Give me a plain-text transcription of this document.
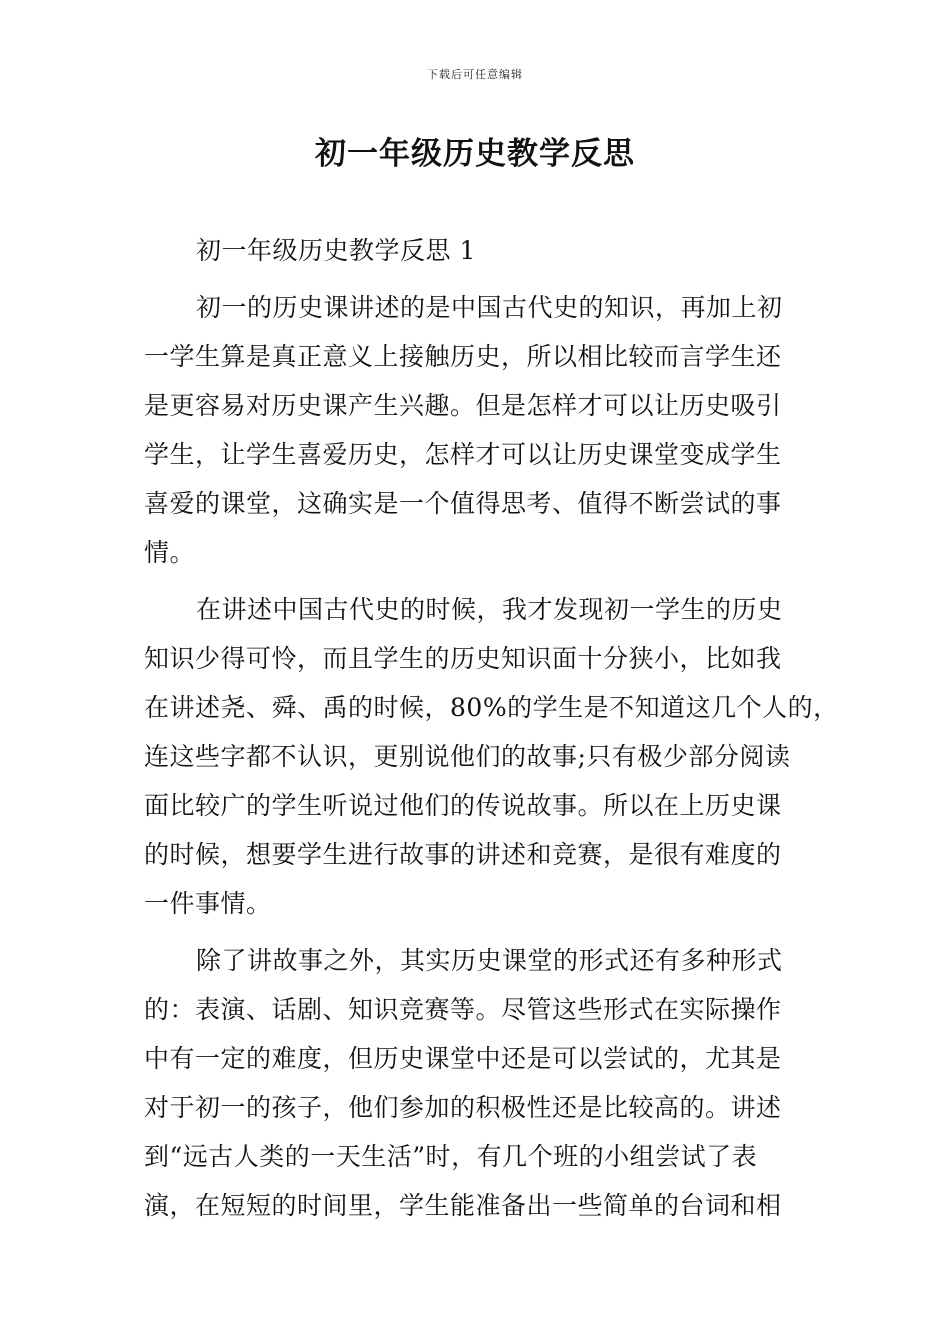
下载后可任意编辑
初一年级历史教学反思
初一年级历史教学反思 1
初一的历史课讲述的是中国古代史的知识，再加上初
一学生算是真正意义上接触历史，所以相比较而言学生还
是更容易对历史课产生兴趣。但是怎样才可以让历史吸引
学生，让学生喜爱历史，怎样才可以让历史课堂变成学生
喜爱的课堂，这确实是一个值得思考、值得不断尝试的事
情。
在讲述中国古代史的时候，我才发现初一学生的历史
知识少得可怜，而且学生的历史知识面十分狭小，比如我
在讲述尧、舜、禹的时候，80%的学生是不知道这几个人的，
连这些字都不认识，更别说他们的故事;只有极少部分阅读
面比较广的学生听说过他们的传说故事。所以在上历史课
的时候，想要学生进行故事的讲述和竞赛，是很有难度的
一件事情。
除了讲故事之外，其实历史课堂的形式还有多种形式
的：表演、话剧、知识竞赛等。尽管这些形式在实际操作
中有一定的难度，但历史课堂中还是可以尝试的，尤其是
对于初一的孩子，他们参加的积极性还是比较高的。讲述
到“远古人类的一天生活”时，有几个班的小组尝试了表
演，在短短的时间里，学生能准备出一些简单的台词和相
